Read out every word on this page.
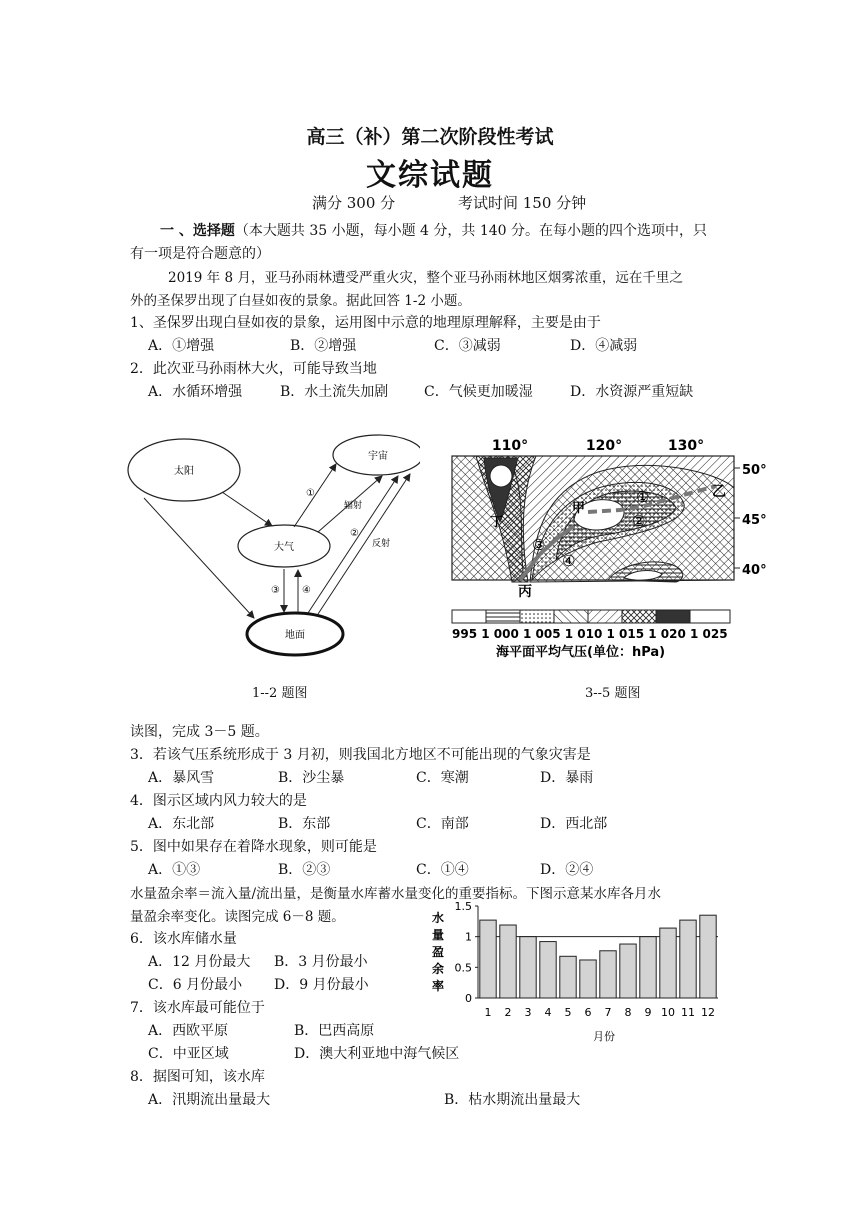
高三（补）第二次阶段性考试
文综试题
满分 300 分	考试时间 150 分钟
一 、选择题（本大题共 35 小题，每小题 4 分，共 140 分。在每小题的四个选项中，只
有一项是符合题意的）
2019 年 8 月，亚马孙雨林遭受严重火灾，整个亚马孙雨林地区烟雾浓重，远在千里之
外的圣保罗出现了白昼如夜的景象。据此回答 1-2 小题。
1、圣保罗出现白昼如夜的景象，运用图中示意的地理原理解释，主要是由于
A．①增强	B．②增强	C．③减弱	D．④减弱
2．此次亚马孙雨林大火，可能导致当地
A．水循环增强	B．水土流失加剧	C．气候更加暖湿	D．水资源严重短缺
太阳
宇宙
大气
地面
①
辐射
②
反射
③ ④
1--2 题图
110°	120°	130°
甲
乙
丙
丁
①
②
③
④
50°
45°
40°
995 1 000 1 005 1 010 1 015 1 020 1 025
海平面平均气压(单位：hPa)
3--5 题图
读图，完成 3－5 题。
3．若该气压系统形成于 3 月初，则我国北方地区不可能出现的气象灾害是
A．暴风雪	B．沙尘暴	C．寒潮	D．暴雨
4．图示区域内风力较大的是
A．东北部	B．东部	C．南部	D．西北部
5．图中如果存在着降水现象，则可能是
A．①③	B．②③	C．①④	D．②④
水量盈余率＝流入量/流出量，是衡量水库蓄水量变化的重要指标。下图示意某水库各月水
量盈余率变化。读图完成 6－8 题。
6．该水库储水量
A．12 月份最大 B．3 月份最小
C．6 月份最小 D．9 月份最小
7．该水库最可能位于
A．西欧平原	B．巴西高原
C．中亚区域	D．澳大利亚地中海气候区
8．据图可知，该水库
A．汛期流出量最大	B．枯水期流出量最大
水量盈余率
月份
0
0.5
1
1.5
1 2 3 4 5 6 7 8 9 10 11 12
